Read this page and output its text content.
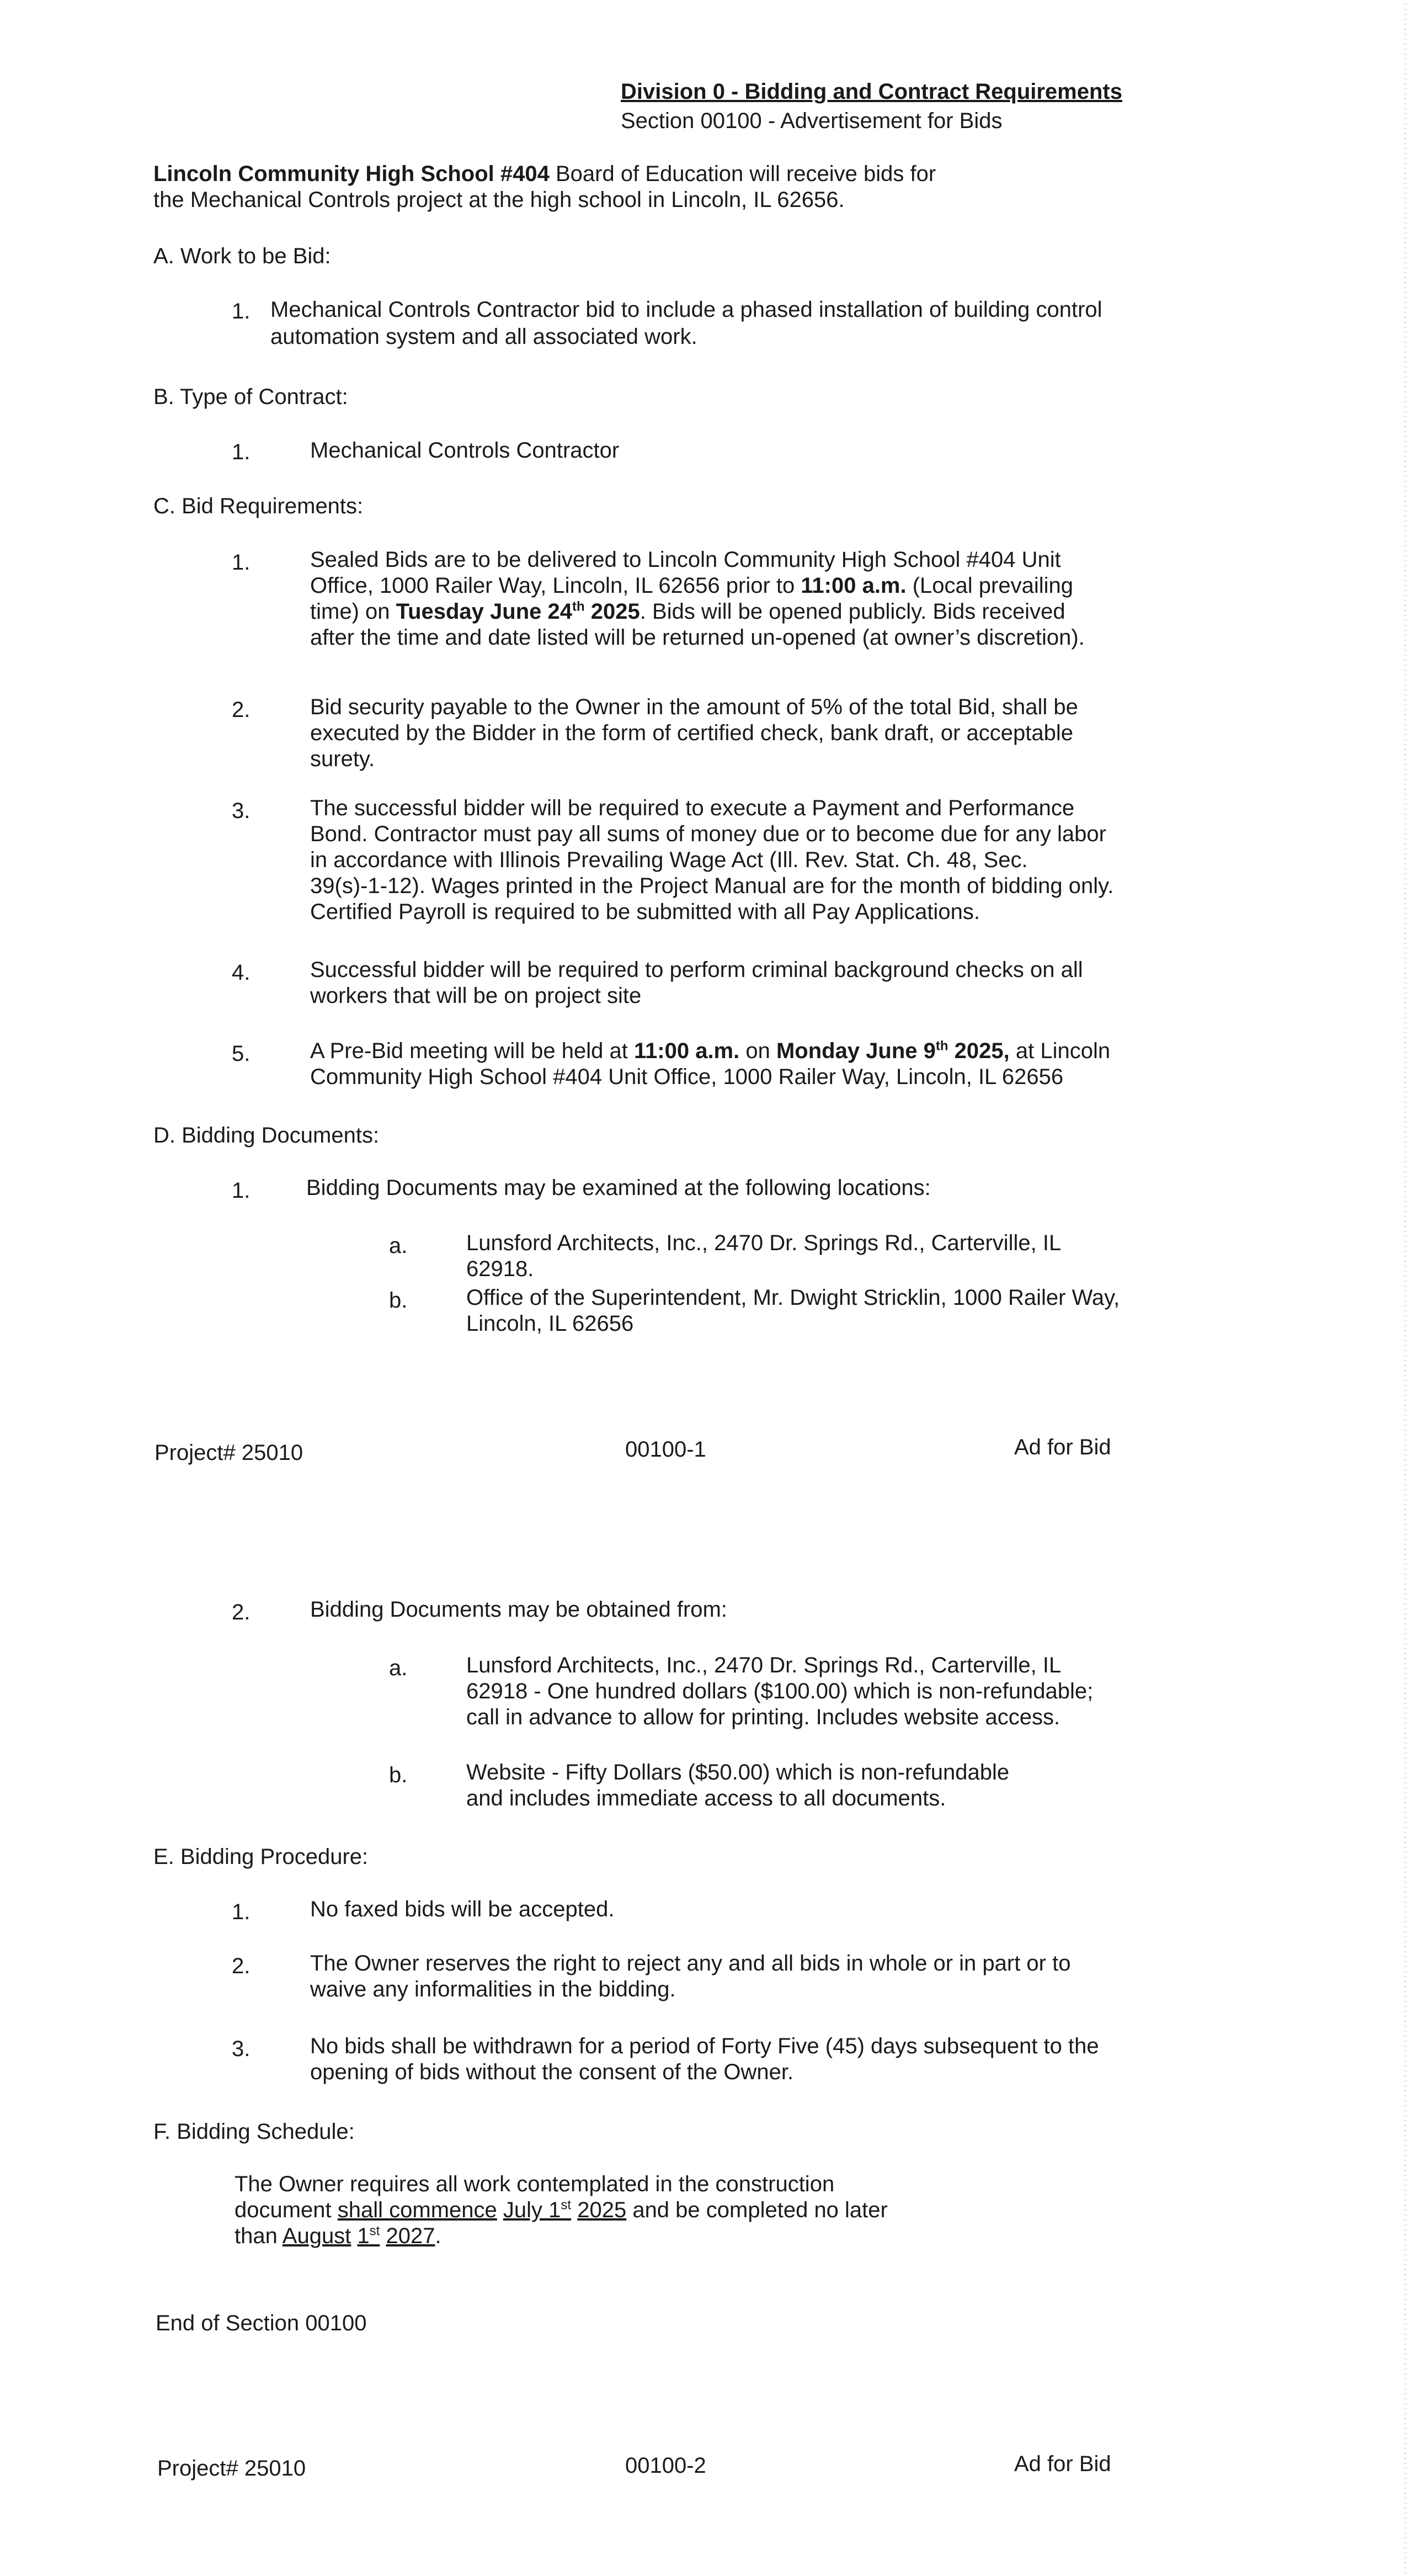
Division 0 - Bidding and Contract Requirements
Section 00100 - Advertisement for Bids
Lincoln Community High School #404 Board of Education will receive bids for
the Mechanical Controls project at the high school in Lincoln, IL 62656.
A. Work to be Bid:
1. Mechanical Controls Contractor bid to include a phased installation of building control
automation system and all associated work.
B. Type of Contract:
1.	Mechanical Controls Contractor
C. Bid Requirements:
1.	Sealed Bids are to be delivered to Lincoln Community High School #404 Unit
Office, 1000 Railer Way, Lincoln, IL 62656 prior to 11:00 a.m. (Local prevailing
time) on Tuesday June 24th 2025. Bids will be opened publicly. Bids received
after the time and date listed will be returned un-opened (at owner’s discretion).
2.	Bid security payable to the Owner in the amount of 5% of the total Bid, shall be
executed by the Bidder in the form of certified check, bank draft, or acceptable
surety.
3.	The successful bidder will be required to execute a Payment and Performance
Bond. Contractor must pay all sums of money due or to become due for any labor
in accordance with Illinois Prevailing Wage Act (Ill. Rev. Stat. Ch. 48, Sec.
39(s)-1-12). Wages printed in the Project Manual are for the month of bidding only.
Certified Payroll is required to be submitted with all Pay Applications.
4.	Successful bidder will be required to perform criminal background checks on all
workers that will be on project site
5.	A Pre-Bid meeting will be held at 11:00 a.m. on Monday June 9th 2025, at Lincoln
Community High School #404 Unit Office, 1000 Railer Way, Lincoln, IL 62656
D. Bidding Documents:
1.	Bidding Documents may be examined at the following locations:
a.	Lunsford Architects, Inc., 2470 Dr. Springs Rd., Carterville, IL
62918.
b.	Office of the Superintendent, Mr. Dwight Stricklin, 1000 Railer Way,
Lincoln, IL 62656
Project# 25010	00100-1	Ad for Bid
2.	Bidding Documents may be obtained from:
a.	Lunsford Architects, Inc., 2470 Dr. Springs Rd., Carterville, IL
62918 - One hundred dollars ($100.00) which is non-refundable;
call in advance to allow for printing. Includes website access.
b.	Website - Fifty Dollars ($50.00) which is non-refundable
and includes immediate access to all documents.
E. Bidding Procedure:
1.	No faxed bids will be accepted.
2.	The Owner reserves the right to reject any and all bids in whole or in part or to
waive any informalities in the bidding.
3.	No bids shall be withdrawn for a period of Forty Five (45) days subsequent to the
opening of bids without the consent of the Owner.
F. Bidding Schedule:
The Owner requires all work contemplated in the construction
document shall commence July 1st 2025 and be completed no later
than August 1st 2027.
End of Section 00100
Project# 25010	00100-2	Ad for Bid
